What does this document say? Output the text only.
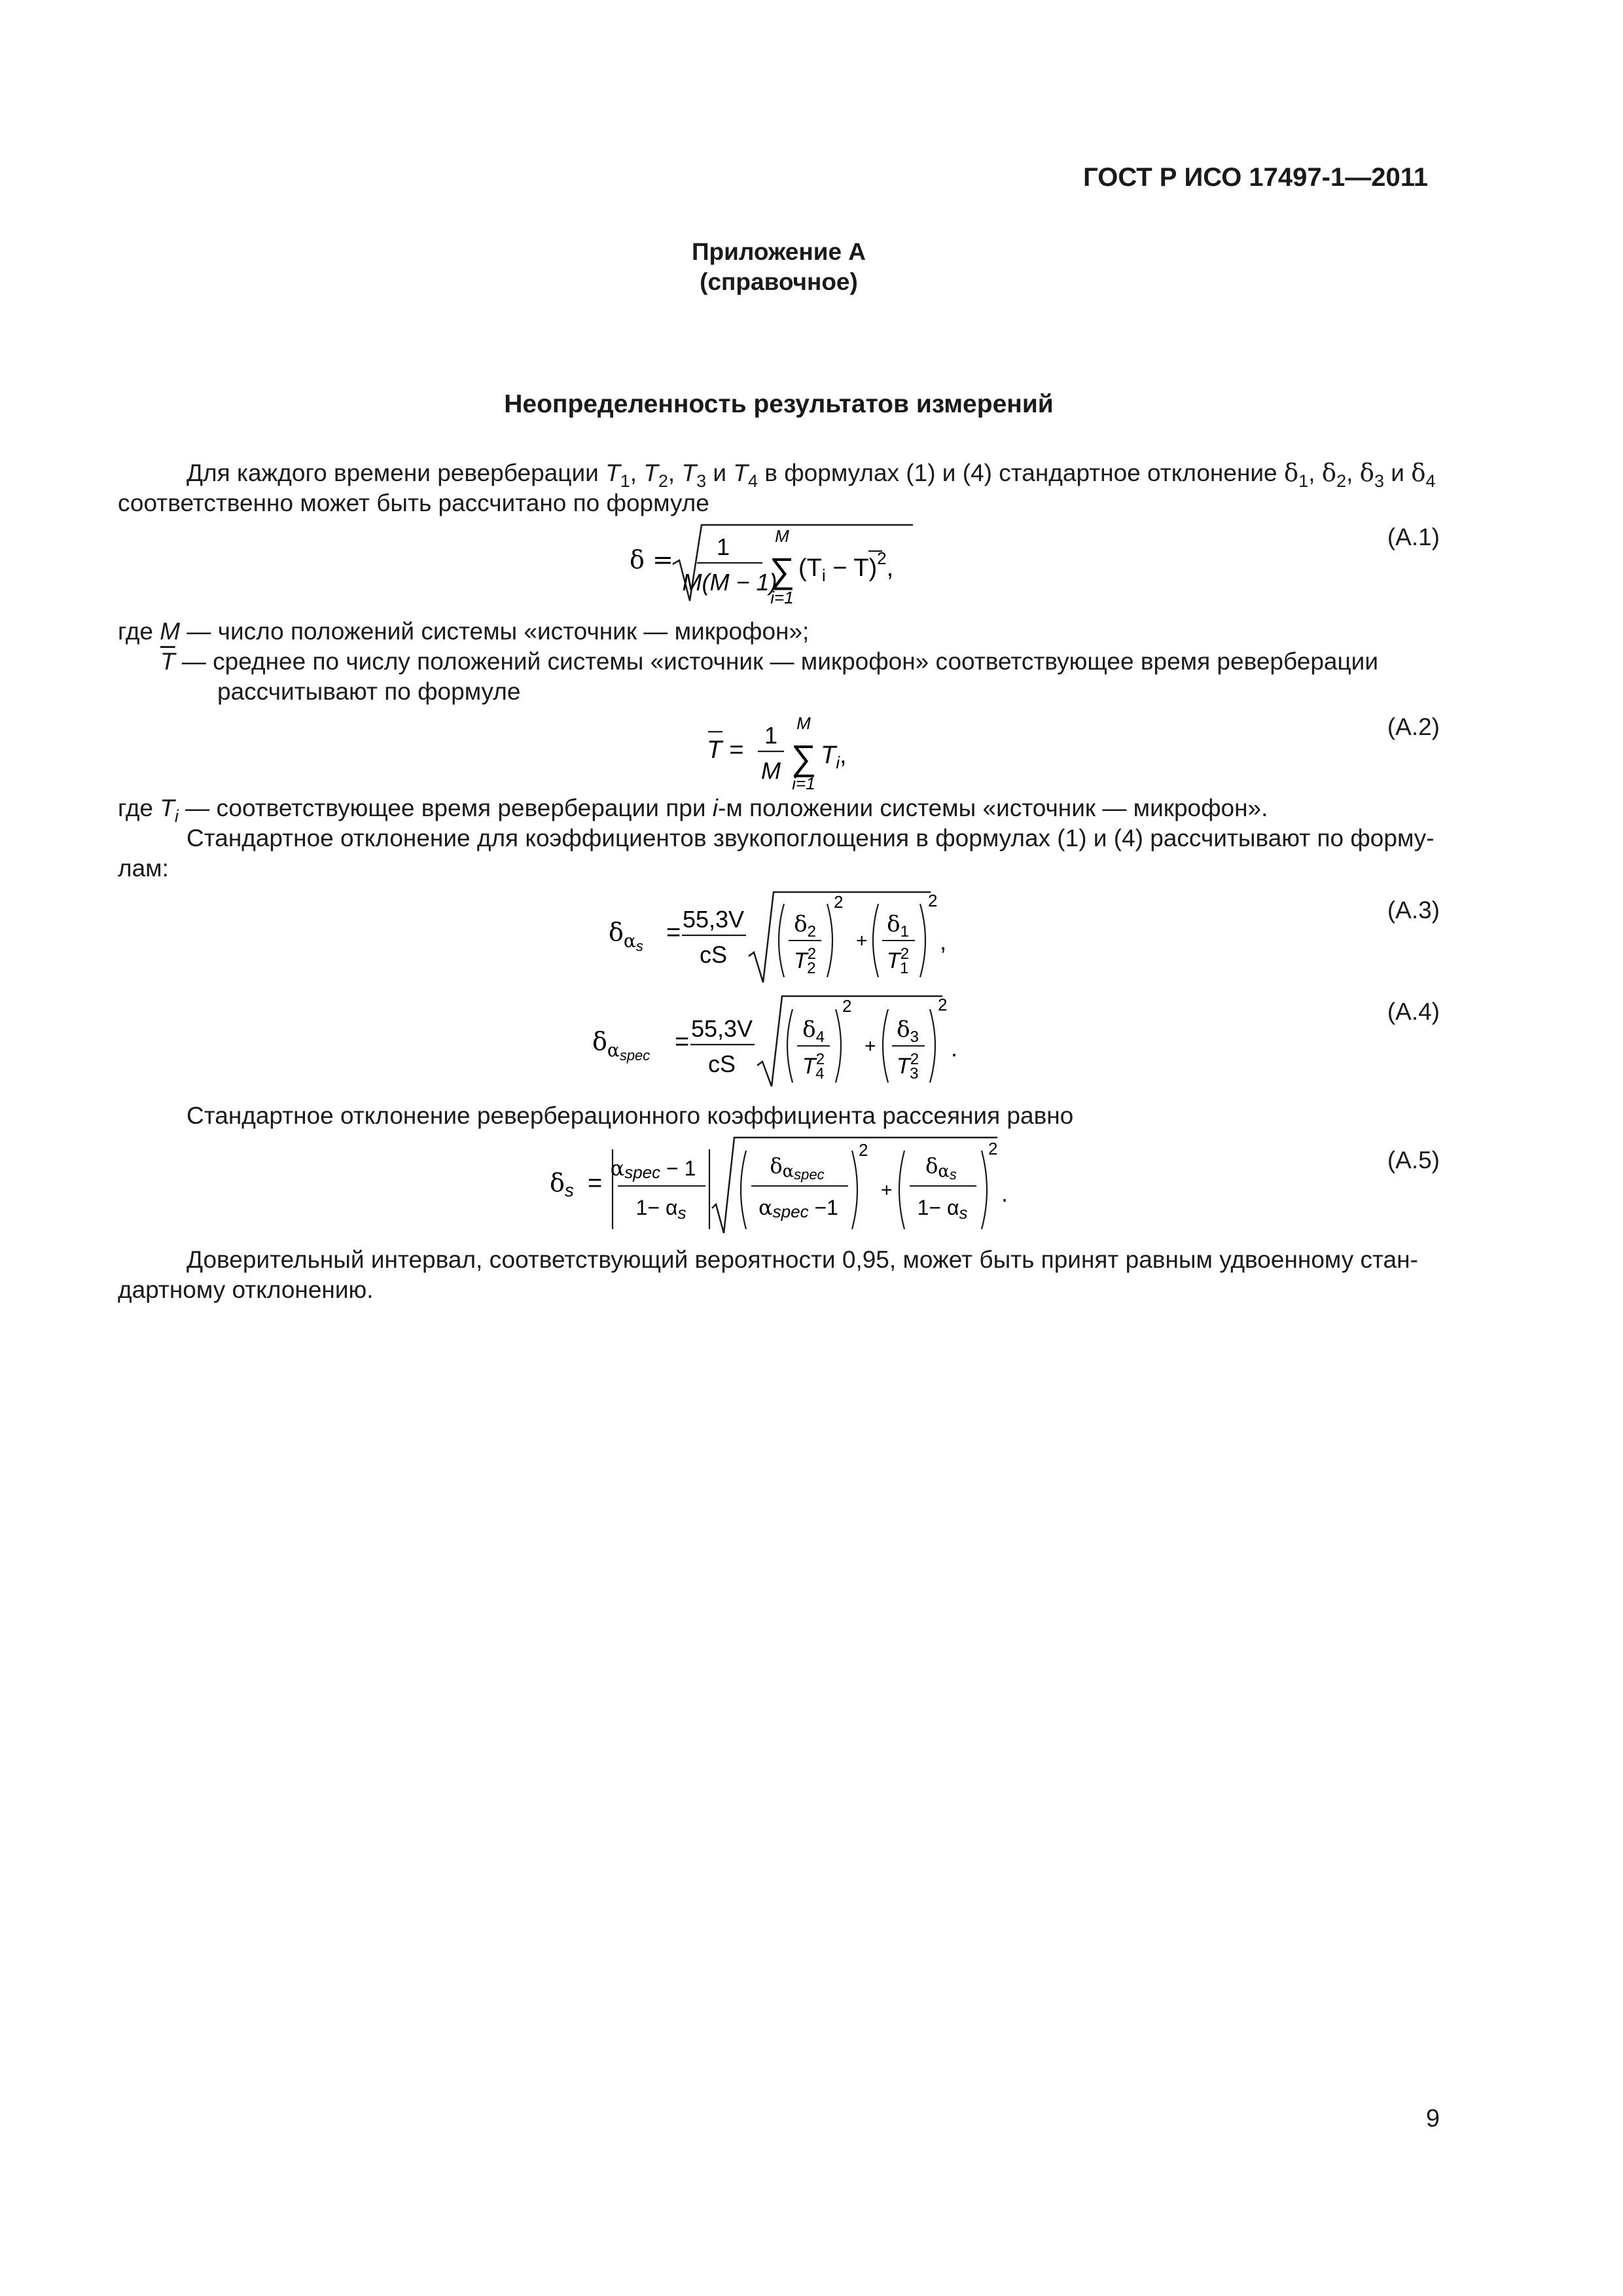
ГОСТ Р ИСО 17497-1—2011
Приложение А
(справочное)
Неопределенность результатов измерений
Для каждого времени реверберации $T_1$, $T_2$, $T_3$ и $T_4$ в формулах (1) и (4) стандартное отклонение $\delta_1$, $\delta_2$, $\delta_3$ и $\delta_4$
соответственно может быть рассчитано по формуле
δ = 1
M(M − 1)
M
∑
i=1
$(T_i - T)^2$,
(А.1)
где M — число положений системы «источник — микрофон»;
$\overline{T}$ — среднее по числу положений системы «источник — микрофон» соответствующее время реверберации
рассчитывают по формуле
T =
1
M
M
∑
i=1
$T_i$,
(А.2)
где $T_i$ — соответствующее время реверберации при i-м положении системы «источник — микрофон».
Стандартное отклонение для коэффициентов звукопоглощения в формулах (1) и (4) рассчитывают по форму-
лам:
$\delta_\alpha s = 55,3V$
cS
$\delta_2$
$T^2$ 2
2
+
$\delta_1$
$T^2$ 1
2
,
(А.3)
$\delta_\alpha spec = 55,3V$
cS
$\delta_4$
$T^2$ 4
2
+
$\delta_3$
$T^2$ 3
2
.
(А.4)
Стандартное отклонение реверберационного коэффициента рассеяния равно
$\delta_s$ =
αspec − 1
1− αs
δαspec
αspec −1
2
+
δαs
1− αs
2
.
(А.5)
Доверительный интервал, соответствующий вероятности 0,95, может быть принят равным удвоенному стан-
дартному отклонению.
9
